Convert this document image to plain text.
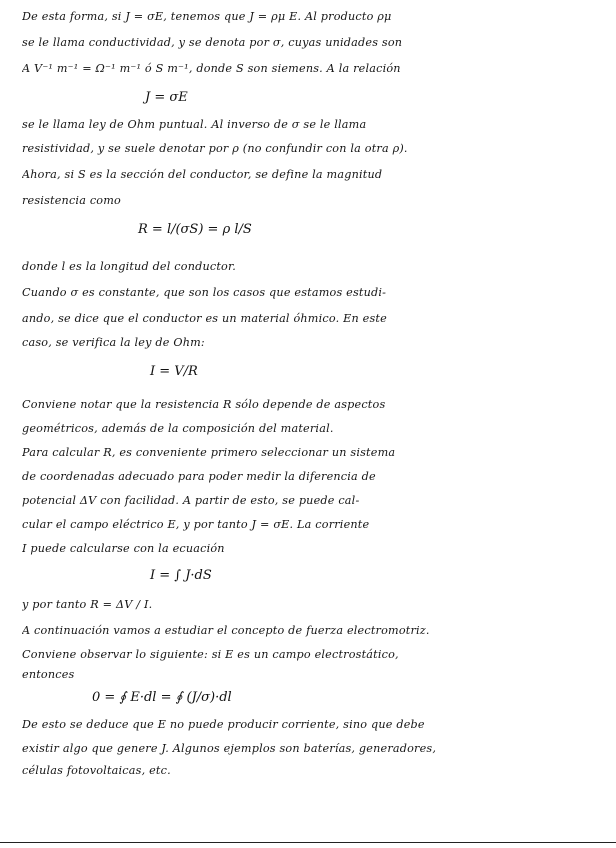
De esta forma, si J = σE, tenemos que J = ρμ E. Al producto ρμ
se le llama conductividad, y se denota por σ, cuyas unidades son
A V⁻¹ m⁻¹ = Ω⁻¹ m⁻¹ ó S m⁻¹, donde S son siemens. A la relación
J = σE
se le llama ley de Ohm puntual. Al inverso de σ se le llama
resistividad, y se suele denotar por ρ (no confundir con la otra ρ).
Ahora, si S es la sección del conductor, se define la magnitud
resistencia como
R = l/(σS) = ρ l/S
donde l es la longitud del conductor.
Cuando σ es constante, que son los casos que estamos estudi-
ando, se dice que el conductor es un material óhmico. En este
caso, se verifica la ley de Ohm:
I = V/R
Conviene notar que la resistencia R sólo depende de aspectos
geométricos, además de la composición del material.
Para calcular R, es conveniente primero seleccionar un sistema
de coordenadas adecuado para poder medir la diferencia de
potencial ΔV con facilidad. A partir de esto, se puede cal-
cular el campo eléctrico E, y por tanto J = σE. La corriente
I puede calcularse con la ecuación
I = ∫ J·dS
y por tanto R = ΔV / I.
A continuación vamos a estudiar el concepto de fuerza electromotriz.
Conviene observar lo siguiente: si E es un campo electrostático,
entonces
0 = ∮ E·dl = ∮ (J/σ)·dl
De esto se deduce que E no puede producir corriente, sino que debe
existir algo que genere J. Algunos ejemplos son baterías, generadores,
células fotovoltaicas, etc.
